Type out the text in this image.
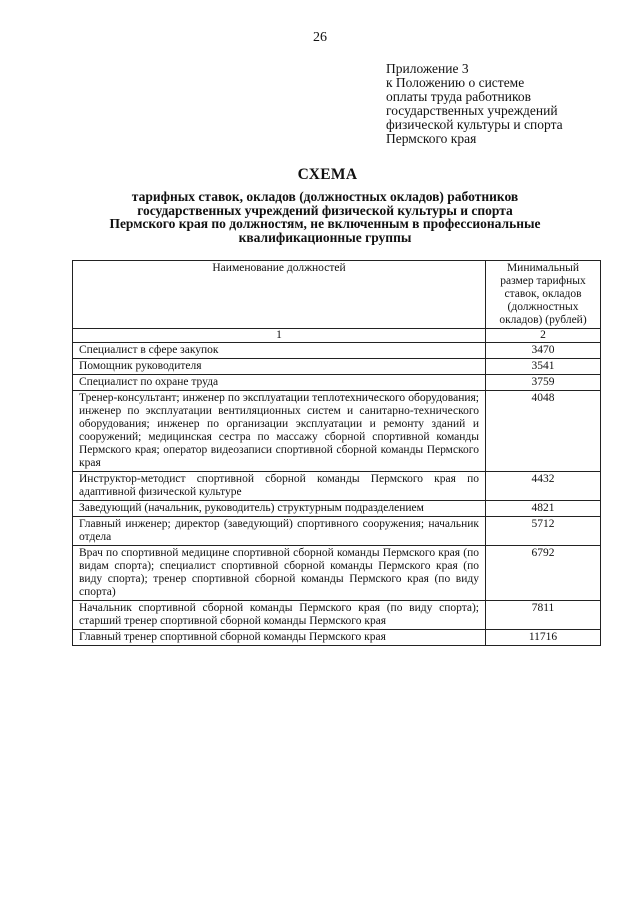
26
Приложение 3
к Положению о системе
оплаты труда работников
государственных учреждений
физической культуры и спорта
Пермского края
СХЕМА
тарифных ставок, окладов (должностных окладов) работников
государственных учреждений физической культуры и спорта
Пермского края по должностям, не включенным в профессиональные
квалификационные группы
Наименование должностей	Минимальный размер тарифных ставок, окладов (должностных окладов) (рублей)
1	2
Специалист в сфере закупок	3470
Помощник руководителя	3541
Специалист по охране труда	3759
Тренер-консультант; инженер по эксплуатации теплотехнического оборудования; инженер по эксплуатации вентиляционных систем и санитарно-технического оборудования; инженер по организации эксплуатации и ремонту зданий и сооружений; медицинская сестра по массажу сборной спортивной команды Пермского края; оператор видеозаписи спортивной сборной команды Пермского края	4048
Инструктор-методист спортивной сборной команды Пермского края по адаптивной физической культуре	4432
Заведующий (начальник, руководитель) структурным подразделением	4821
Главный инженер; директор (заведующий) спортивного сооружения; начальник отдела	5712
Врач по спортивной медицине спортивной сборной команды Пермского края (по видам спорта); специалист спортивной сборной команды Пермского края (по виду спорта); тренер спортивной сборной команды Пермского края (по виду спорта)	6792
Начальник спортивной сборной команды Пермского края (по виду спорта); старший тренер спортивной сборной команды Пермского края	7811
Главный тренер спортивной сборной команды Пермского края	11716
